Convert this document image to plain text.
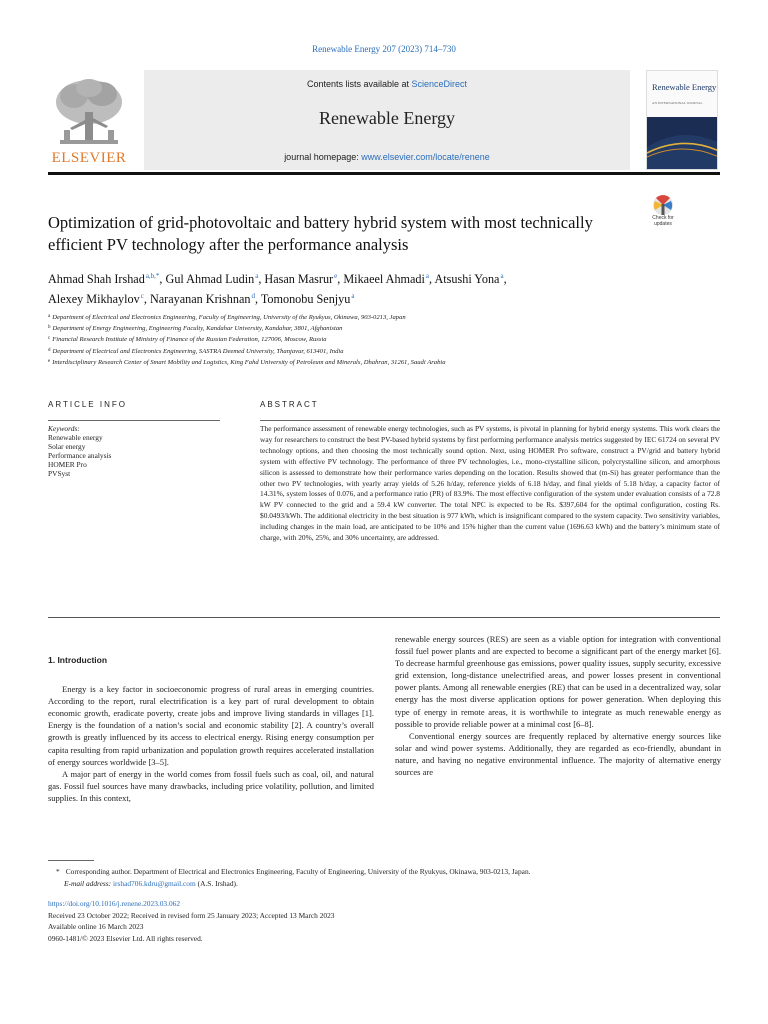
Renewable Energy 207 (2023) 714–730
ELSEVIER
Contents lists available at ScienceDirect
Renewable Energy
journal homepage: www.elsevier.com/locate/renene
Renewable Energy
AN INTERNATIONAL JOURNAL
Optimization of grid-photovoltaic and battery hybrid system with most technically efficient PV technology after the performance analysis
Check for
updates
Ahmad Shah Irshad$^{a,b,*}$, Gul Ahmad Ludin$^a$, Hasan Masrur$^e$, Mikaeel Ahmadi$^a$, Atsushi Yona$^a$,
Alexey Mikhaylov$^c$, Narayanan Krishnan$^d$, Tomonobu Senjyu$^a$
$^a$ Department of Electrical and Electronics Engineering, Faculty of Engineering, University of the Ryukyus, Okinawa, 903-0213, Japan
$^b$ Department of Energy Engineering, Engineering Faculty, Kandahar University, Kandahar, 3801, Afghanistan
$^c$ Financial Research Institute of Ministry of Finance of the Russian Federation, 127006, Moscow, Russia
$^d$ Department of Electrical and Electronics Engineering, SASTRA Deemed University, Thanjavur, 613401, India
$^e$ Interdisciplinary Research Center of Smart Mobility and Logistics, King Fahd University of Petroleum and Minerals, Dhahran, 31261, Saudi Arabia
ARTICLE INFO	ABSTRACT
Keywords:
Renewable energy
Solar energy
Performance analysis
HOMER Pro
PVSyst

The performance assessment of renewable energy technologies, such as PV systems, is pivotal in planning for hybrid energy systems. This work clears the way for researchers to construct the best PV-based hybrid systems by first performing performance analysis metrics suggested by IEC 61724 on several PV technology options, and then choosing the most technically sound option. Next, using HOMER Pro software, construct a PV/grid and battery hybrid system with effective PV technology. The performance of three PV technologies, i.e., mono-crystalline silicon, polycrystalline silicon, and amorphous silicon is assessed to demonstrate how their performance varies depending on the location. Results showed that (m-Si) has greater performance than the other two PV technologies, with yearly array yields of 5.26 h/day, reference yields of 6.18 h/day, and final yields of 5.18 h/day, a capacity factor of 14.31%, system losses of 0.076, and a performance ratio (PR) of 83.9%. The most effective configuration of the system under evaluation consists of a 72.8 kW PV connected to the grid and a 59.4 kW converter. The total NPC is expected to be Rs. $397,604 for the optimal configuration, costing Rs. $0.0493/kWh. The additional electricity in the best situation is 977 kWh, which is insignificant compared to the system capacity. Two sensitivity variables, including changes in the main load, are anticipated to be 10% and 15% higher than the current value (1696.63 kWh) and the battery’s minimum state of charge, with 20%, 25%, and 30% uncertainty, are addressed.

1. Introduction

Energy is a key factor in socioeconomic progress of rural areas in emerging countries. According to the report, rural electrification is a key part of rural development to obtain economic growth, eradicate poverty, create jobs and improve living standards in villages [1]. Energy is the foundation of a nation’s social and economic stability [2]. A country’s overall growth is greatly influenced by its access to electrical energy. Rising energy consumption per capita resulting from rapid urbanization and population growth requires accelerated installation of energy sources worldwide [3–5].

A major part of energy in the world comes from fossil fuels such as coal, oil, and natural gas. Fossil fuel sources have many drawbacks, including price volatility, pollution, and limited supplies. In this context,

renewable energy sources (RES) are seen as a viable option for integration with conventional fossil fuel power plants and are expected to become a significant part of the energy market [6]. To decrease harmful greenhouse gas emissions, power quality issues, supply security, excessive grid extension, long-distance unelectrified areas, and power losses present in conventional power plants. Among all renewable energies (RE) that can be used in a decentralized way, solar energy has the most diverse application options for power generation. When deploying this type of energy in remote areas, it is worthwhile to integrate as much renewable energy as possible to provide reliable power at a minimal cost [6–8].

Conventional energy sources are frequently replaced by alternative energy sources like solar and wind power systems. Additionally, they are regarded as eco-friendly, abundant in nature, and having no negative environmental influence. The majority of alternative energy sources are

* Corresponding author. Department of Electrical and Electronics Engineering, Faculty of Engineering, University of the Ryukyus, Okinawa, 903-0213, Japan.
E-mail address: irshad706.kdru@gmail.com (A.S. Irshad).
https://doi.org/10.1016/j.renene.2023.03.062
Received 23 October 2022; Received in revised form 25 January 2023; Accepted 13 March 2023
Available online 16 March 2023
0960-1481/© 2023 Elsevier Ltd. All rights reserved.
